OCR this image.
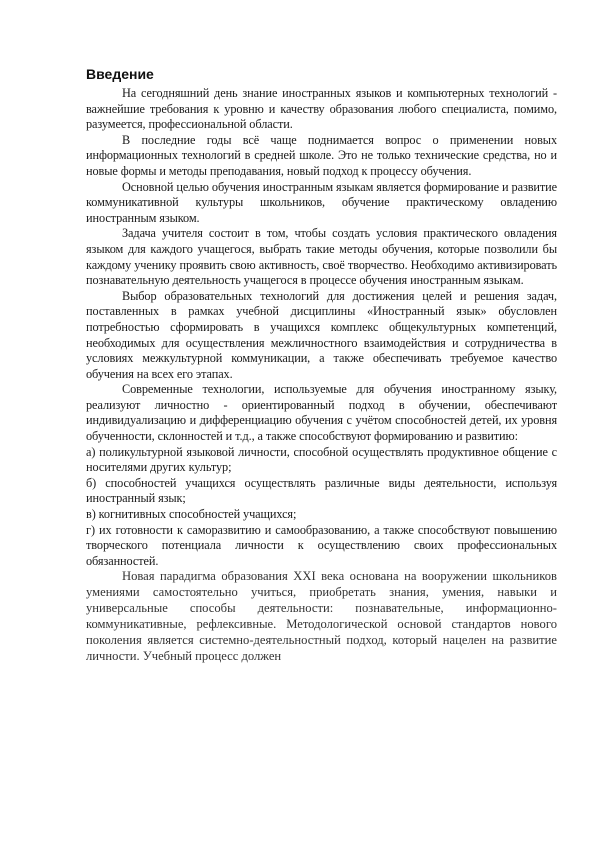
Введение

На сегодняшний день знание иностранных языков и компьютерных технологий - важнейшие требования к уровню и качеству образования любого специалиста, помимо, разумеется, профессиональной области.

В последние годы всё чаще поднимается вопрос о применении новых информационных технологий в средней школе. Это не только технические средства, но и новые формы и методы преподавания, новый подход к процессу обучения.

Основной целью обучения иностранным языкам является формирование и развитие коммуникативной культуры школьников, обучение практическому овладению иностранным языком.

Задача учителя состоит в том, чтобы создать условия практического овладения языком для каждого учащегося, выбрать такие методы обучения, которые позволили бы каждому ученику проявить свою активность, своё творчество. Необходимо активизировать познавательную деятельность учащегося в процессе обучения иностранным языкам.

Выбор образовательных технологий для достижения целей и решения задач, поставленных в рамках учебной дисциплины «Иностранный язык» обусловлен потребностью сформировать в учащихся комплекс общекультурных компетенций, необходимых для осуществления межличностного взаимодействия и сотрудничества в условиях межкультурной коммуникации, а также обеспечивать требуемое качество обучения на всех его этапах.

Современные технологии, используемые для обучения иностранному языку, реализуют личностно - ориентированный подход в обучении, обеспечивают индивидуализацию и дифференциацию обучения с учётом способностей детей, их уровня обученности, склонностей и т.д., а также способствуют формированию и развитию:

а) поликультурной языковой личности, способной осуществлять продуктивное общение с носителями других культур;

б) способностей учащихся осуществлять различные виды деятельности, используя иностранный язык;

в) когнитивных способностей учащихся;

г) их готовности к саморазвитию и самообразованию, а также способствуют повышению творческого потенциала личности к осуществлению своих профессиональных обязанностей.

Новая парадигма образования XXI века основана на вооружении школьников умениями самостоятельно учиться, приобретать знания, умения, навыки и универсальные способы деятельности: познавательные, информационно-коммуникативные, рефлексивные. Методологической основой стандартов нового поколения является системно-деятельностный подход, который нацелен на развитие личности. Учебный процесс должен
